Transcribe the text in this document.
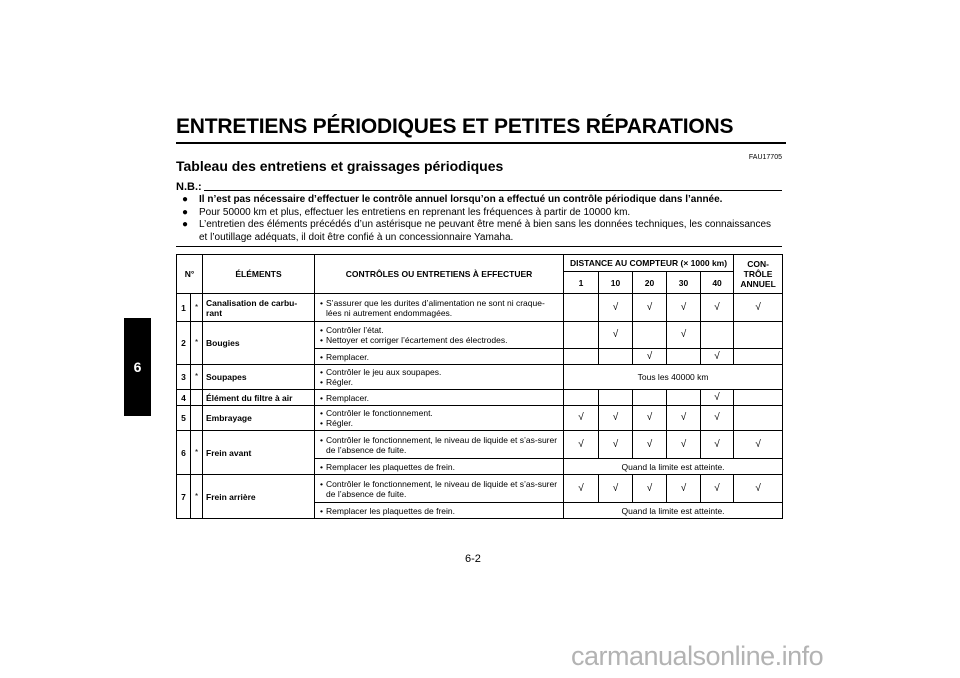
ENTRETIENS PÉRIODIQUES ET PETITES RÉPARATIONS
FAU17705
Tableau des entretiens et graissages périodiques
N.B.:
● Il n’est pas nécessaire d’effectuer le contrôle annuel lorsqu’on a effectué un contrôle périodique dans l’année.
● Pour 50000 km et plus, effectuer les entretiens en reprenant les fréquences à partir de 10000 km.
● L’entretien des éléments précédés d’un astérisque ne peuvant être mené à bien sans les données techniques, les connaissances et l’outillage adéquats, il doit être confié à un concessionnaire Yamaha.
6
N°		ÉLÉMENTS	CONTRÔLES OU ENTRETIENS À EFFECTUER	DISTANCE AU COMPTEUR (× 1000 km)					CON-TRÔLE ANNUEL
				1	10	20	30	40	
1	*	Canalisation de carbu-rant	• S’assurer que les durites d’alimentation ne sont ni craque-lées ni autrement endommagées.		√	√	√	√	√
2	*	Bougies	• Contrôler l’état.
• Nettoyer et corriger l’écartement des électrodes.		√		√		

			• Remplacer.			√		√	
3	*	Soupapes	• Contrôler le jeu aux soupapes.
• Régler.	Tous les 40000 km					
4		Élément du filtre à air	• Remplacer.					√	
5		Embrayage	• Contrôler le fonctionnement.
• Régler.	√	√	√	√	√	
6	*	Frein avant	• Contrôler le fonctionnement, le niveau de liquide et s’as-surer de l’absence de fuite.	√	√	√	√	√	√

			• Remplacer les plaquettes de frein.	Quand la limite est atteinte.					
7	*	Frein arrière	• Contrôler le fonctionnement, le niveau de liquide et s’as-surer de l’absence de fuite.	√	√	√	√	√	√

			• Remplacer les plaquettes de frein.	Quand la limite est atteinte.					
6-2
carmanualsonline.info
